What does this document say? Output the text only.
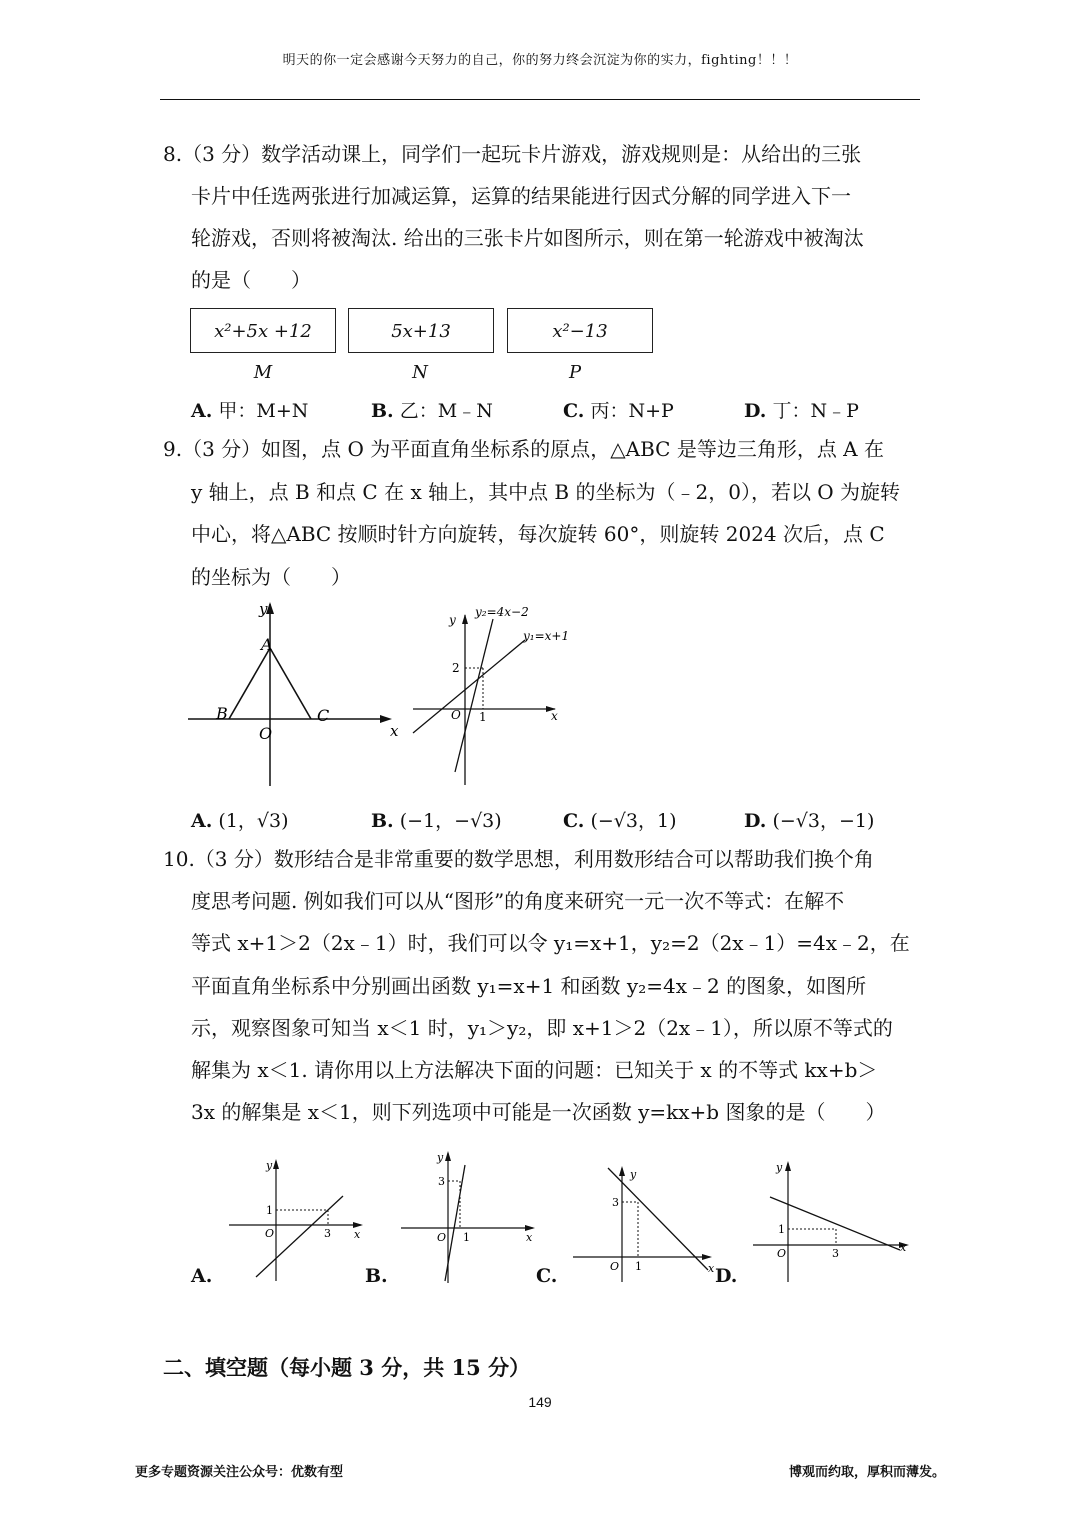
明天的你一定会感谢今天努力的自己，你的努力终会沉淀为你的实力，fighting！！！
8.（3 分）数学活动课上，同学们一起玩卡片游戏，游戏规则是：从给出的三张
卡片中任选两张进行加减运算，运算的结果能进行因式分解的同学进入下一
轮游戏，否则将被淘汰. 给出的三张卡片如图所示，则在第一轮游戏中被淘汰
的是（　　）
x²+5x +12	5x+13	x²−13
M	N	P
A. 甲：M+N	B. 乙：M﹣N	C. 丙：N+P	D. 丁：N﹣P
9.（3 分）如图，点 O 为平面直角坐标系的原点，△ABC 是等边三角形，点 A 在
y 轴上，点 B 和点 C 在 x 轴上，其中点 B 的坐标为（﹣2，0），若以 O 为旋转
中心，将△ABC 按顺时针方向旋转，每次旋转 60°，则旋转 2024 次后，点 C
的坐标为（　　）
y
x
A
B	C
O
y
x
O
2
1
y₂=4x−2
y₁=x+1
A. (1，√3)	B. (−1，−√3)	C. (−√3，1)	D. (−√3，−1)
10.（3 分）数形结合是非常重要的数学思想，利用数形结合可以帮助我们换个角
度思考问题. 例如我们可以从“图形”的角度来研究一元一次不等式：在解不
等式 x+1＞2（2x﹣1）时，我们可以令 y₁=x+1，y₂=2（2x﹣1）=4x﹣2，在
平面直角坐标系中分别画出函数 y₁=x+1 和函数 y₂=4x﹣2 的图象，如图所
示，观察图象可知当 x＜1 时，y₁＞y₂，即 x+1＞2（2x﹣1），所以原不等式的
解集为 x＜1. 请你用以上方法解决下面的问题：已知关于 x 的不等式 kx+b＞
3x 的解集是 x＜1，则下列选项中可能是一次函数 y=kx+b 图象的是（　　）
A.
y
x
O
1
3
B.
y
x
O
3
1
C.
y
x
O
3
1	D.
y
x
O
1
3
二、填空题（每小题 3 分，共 15 分）
149
更多专题资源关注公众号：优数有型	博观而约取，厚积而薄发。
